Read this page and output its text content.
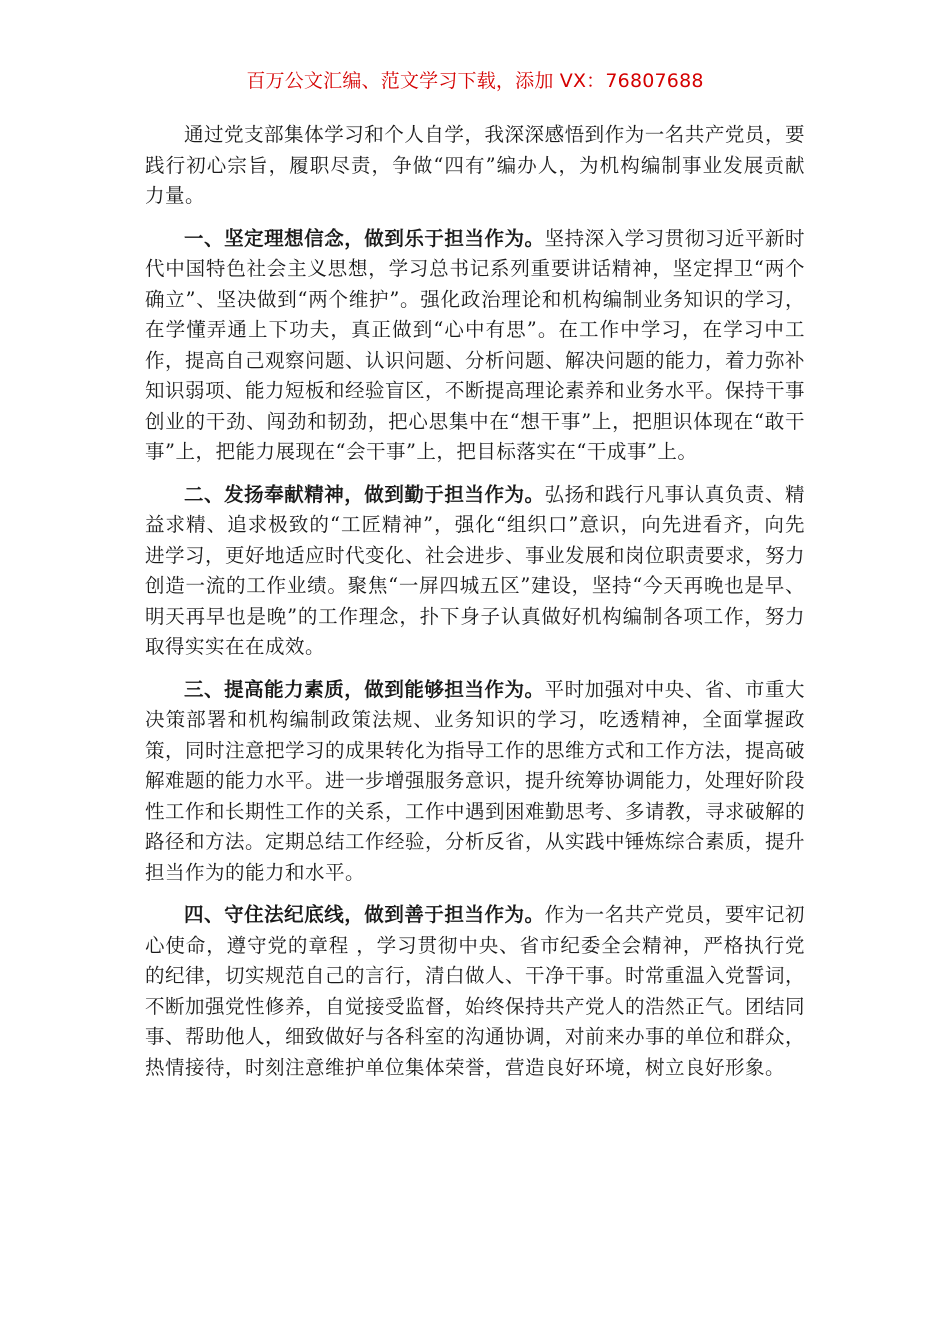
百万公文汇编、范文学习下载，添加 VX：76807688

通过党支部集体学习和个人自学，我深深感悟到作为一名共产党员，要践行初心宗旨，履职尽责，争做“四有”编办人，为机构编制事业发展贡献力量。

一、坚定理想信念，做到乐于担当作为。坚持深入学习贯彻习近平新时代中国特色社会主义思想，学习总书记系列重要讲话精神，坚定捍卫“两个确立”、坚决做到“两个维护”。强化政治理论和机构编制业务知识的学习，在学懂弄通上下功夫，真正做到“心中有思”。在工作中学习，在学习中工作，提高自己观察问题、认识问题、分析问题、解决问题的能力，着力弥补知识弱项、能力短板和经验盲区，不断提高理论素养和业务水平。保持干事创业的干劲、闯劲和韧劲，把心思集中在“想干事”上，把胆识体现在“敢干事”上，把能力展现在“会干事”上，把目标落实在“干成事”上。

二、发扬奉献精神，做到勤于担当作为。弘扬和践行凡事认真负责、精益求精、追求极致的“工匠精神”，强化“组织口”意识，向先进看齐，向先进学习，更好地适应时代变化、社会进步、事业发展和岗位职责要求，努力创造一流的工作业绩。聚焦“一屏四城五区”建设，坚持“今天再晚也是早、明天再早也是晚”的工作理念，扑下身子认真做好机构编制各项工作，努力取得实实在在成效。

三、提高能力素质，做到能够担当作为。平时加强对中央、省、市重大决策部署和机构编制政策法规、业务知识的学习，吃透精神，全面掌握政策，同时注意把学习的成果转化为指导工作的思维方式和工作方法，提高破解难题的能力水平。进一步增强服务意识，提升统筹协调能力，处理好阶段性工作和长期性工作的关系，工作中遇到困难勤思考、多请教，寻求破解的路径和方法。定期总结工作经验，分析反省，从实践中锤炼综合素质，提升担当作为的能力和水平。

四、守住法纪底线，做到善于担当作为。作为一名共产党员，要牢记初心使命，遵守党的章程 ，学习贯彻中央、省市纪委全会精神，严格执行党的纪律，切实规范自己的言行，清白做人、干净干事。时常重温入党誓词，不断加强党性修养，自觉接受监督，始终保持共产党人的浩然正气。团结同事、帮助他人，细致做好与各科室的沟通协调，对前来办事的单位和群众，热情接待，时刻注意维护单位集体荣誉，营造良好环境，树立良好形象。
